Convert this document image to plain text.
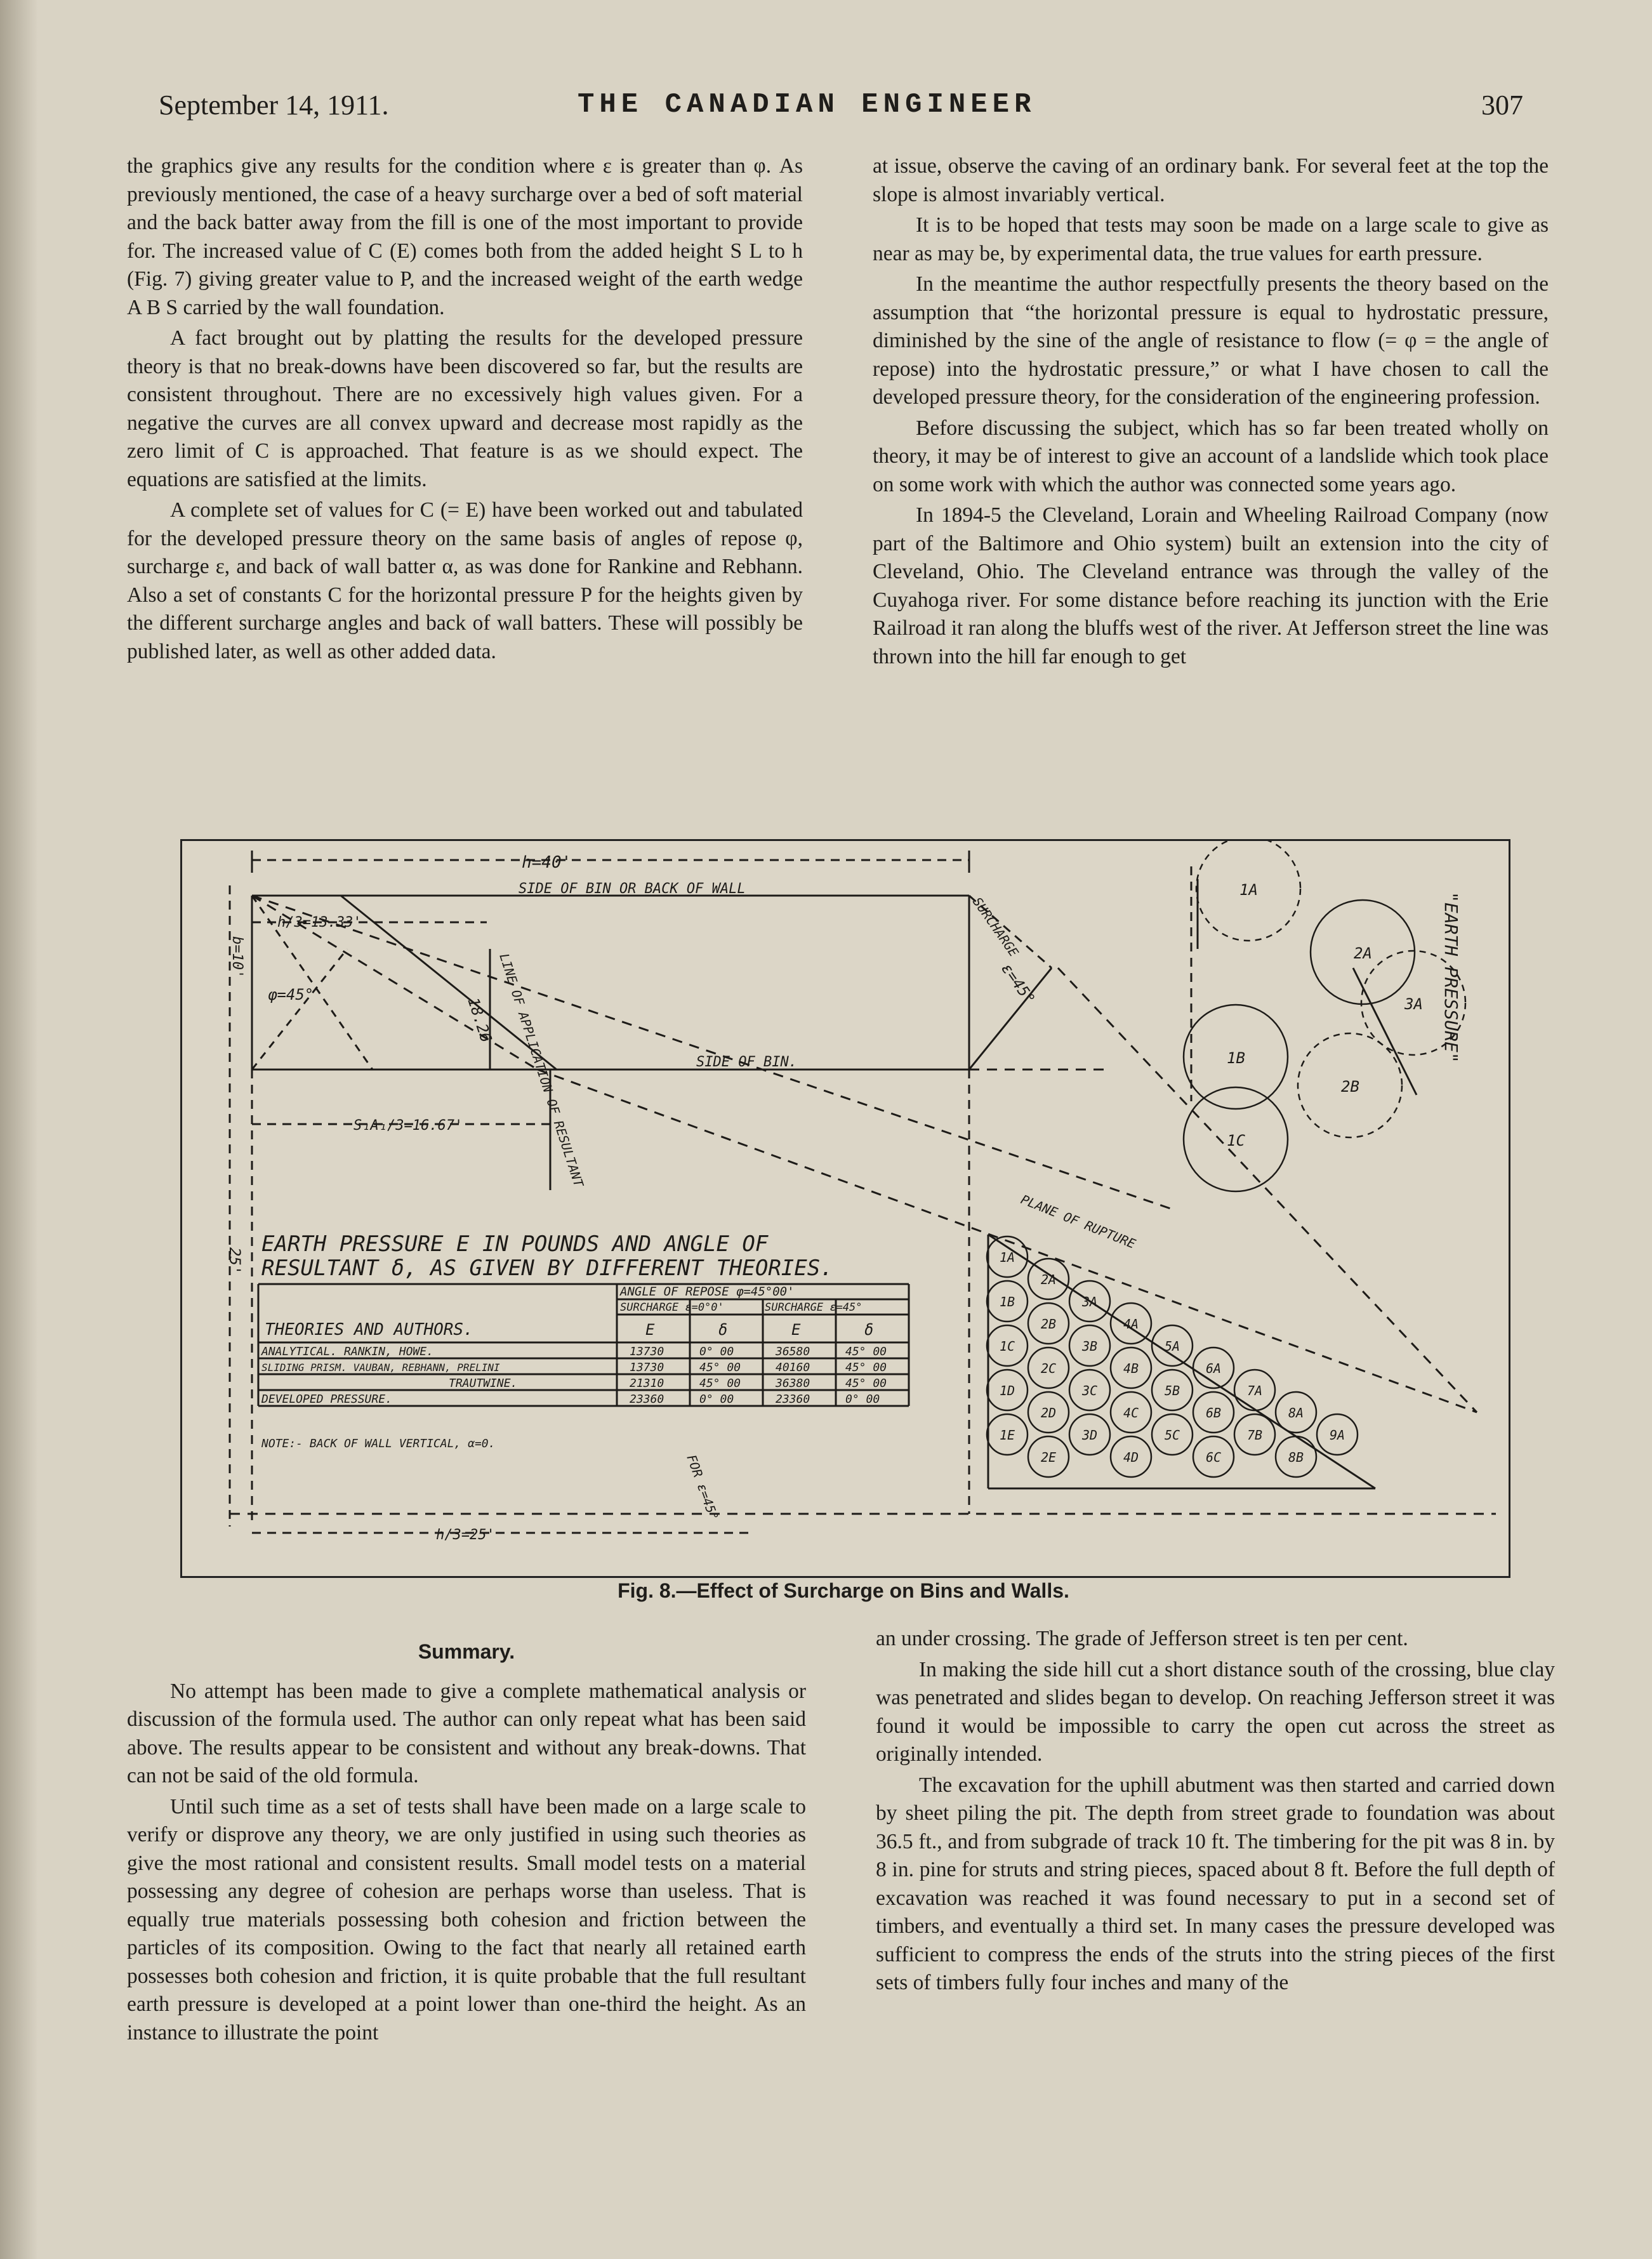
September 14, 1911.	THE CANADIAN ENGINEER	307

the graphics give any results for the condition where ε is greater than φ. As previously mentioned, the case of a heavy surcharge over a bed of soft material and the back batter away from the fill is one of the most important to provide for. The increased value of C (E) comes both from the added height S L to h (Fig. 7) giving greater value to P, and the increased weight of the earth wedge A B S carried by the wall foundation.

A fact brought out by platting the results for the developed pressure theory is that no break-downs have been discovered so far, but the results are consistent throughout. There are no excessively high values given. For a negative the curves are all convex upward and decrease most rapidly as the zero limit of C is approached. That feature is as we should expect. The equations are satisfied at the limits.

A complete set of values for C (= E) have been worked out and tabulated for the developed pressure theory on the same basis of angles of repose φ, surcharge ε, and back of wall batter α, as was done for Rankine and Rebhann. Also a set of constants C for the horizontal pressure P for the heights given by the different surcharge angles and back of wall batters. These will possibly be published later, as well as other added data.

at issue, observe the caving of an ordinary bank. For several feet at the top the slope is almost invariably vertical.

It is to be hoped that tests may soon be made on a large scale to give as near as may be, by experimental data, the true values for earth pressure.

In the meantime the author respectfully presents the theory based on the assumption that “the horizontal pressure is equal to hydrostatic pressure, diminished by the sine of the angle of resistance to flow (= φ = the angle of repose) into the hydrostatic pressure,” or what I have chosen to call the developed pressure theory, for the consideration of the engineering profession.

Before discussing the subject, which has so far been treated wholly on theory, it may be of interest to give an account of a landslide which took place on some work with which the author was connected some years ago.

In 1894-5 the Cleveland, Lorain and Wheeling Railroad Company (now part of the Baltimore and Ohio system) built an extension into the city of Cleveland, Ohio. The Cleveland entrance was through the valley of the Cuyahoga river. For some distance before reaching its junction with the Erie Railroad it ran along the bluffs west of the river. At Jefferson street the line was thrown into the hill far enough to get

1A
1B
1C
1D
1E
2A
2B
2C
2D
2E
3A
3B
3C
3D
4A
4B
4C
4D
5A
5B
5C
6A
6B
6C
7A
7B
8A
8B
9A
1A
2A
3A
1B
2B
1C
h=40'
SIDE OF BIN OR BACK OF WALL
SIDE OF BIN.
h/3=13.33'
φ=45°	LINE OF APPLICATION OF RESULTANT
18.26
SURCHARGE
ε=45°
S₁A₁/3=16.67'
b=10'
25'
h/3=25'
PLANE OF RUPTURE
FOR ε=45°
"EARTH PRESSURE"
EARTH PRESSURE E IN POUNDS AND ANGLE OF
RESULTANT δ, AS GIVEN BY DIFFERENT THEORIES.
NOTE:- BACK OF WALL VERTICAL, α=0.
ANGLE OF REPOSE φ=45°00'
SURCHARGE ε=0°0'	SURCHARGE ε=45°
THEORIES AND AUTHORS.	E	δ	E	δ
ANALYTICAL. RANKIN, HOWE.	13730	0° 00	36580	45° 00
SLIDING PRISM. VAUBAN, REBHANN, PRELINI	13730	45° 00	40160	45° 00
TRAUTWINE.	21310	45° 00	36380	45° 00
DEVELOPED PRESSURE.	23360	0° 00	23360	0° 00
Fig. 8.—Effect of Surcharge on Bins and Walls.
Summary.

No attempt has been made to give a complete mathematical analysis or discussion of the formula used. The author can only repeat what has been said above. The results appear to be consistent and without any break-downs. That can not be said of the old formula.

Until such time as a set of tests shall have been made on a large scale to verify or disprove any theory, we are only justified in using such theories as give the most rational and consistent results. Small model tests on a material possessing any degree of cohesion are perhaps worse than useless. That is equally true materials possessing both cohesion and friction between the particles of its composition. Owing to the fact that nearly all retained earth possesses both cohesion and friction, it is quite probable that the full resultant earth pressure is developed at a point lower than one-third the height. As an instance to illustrate the point

an under crossing. The grade of Jefferson street is ten per cent.

In making the side hill cut a short distance south of the crossing, blue clay was penetrated and slides began to develop. On reaching Jefferson street it was found it would be impossible to carry the open cut across the street as originally intended.

The excavation for the uphill abutment was then started and carried down by sheet piling the pit. The depth from street grade to foundation was about 36.5 ft., and from subgrade of track 10 ft. The timbering for the pit was 8 in. by 8 in. pine for struts and string pieces, spaced about 8 ft. Before the full depth of excavation was reached it was found necessary to put in a second set of timbers, and eventually a third set. In many cases the pressure developed was sufficient to compress the ends of the struts into the string pieces of the first sets of timbers fully four inches and many of the
